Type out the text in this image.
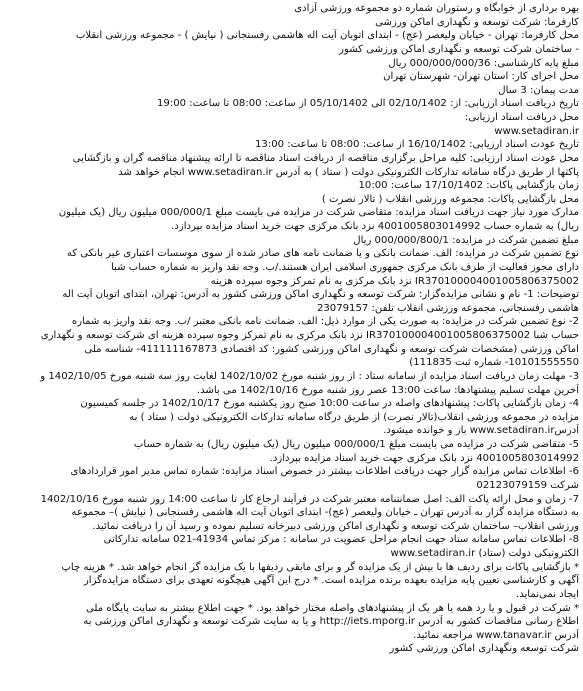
بهره برداری از خوابگاه و رستوران شماره دو مجموعه ورزشی آزادی
کارفرما: شرکت توسعه و نگهداری اماکن ورزشی
محل کارفرما: تهران - خیابان ولیعصر (عج) - ابتدای اتوبان آیت اله هاشمی رفسنجانی ( نیایش ) - مجموعه ورزشی انقلاب
- ساختمان شرکت توسعه و نگهداری اماکن ورزشی کشور
مبلغ پایه کارشناسی: 000/000/000/36 ریال
محل اجرای کار: استان تهران- شهرستان تهران
مدت پیمان: 3 سال
تاریخ دریافت اسناد ارزیابی: از: 02/10/1402 الی 05/10/1402 از ساعت: 08:00 تا ساعت: 19:00
محل دریافت اسناد ارزیابی:
www.setadiran.ir
تاریخ عودت اسناد ارزیابی: 16/10/1402 از ساعت: 08:00 تا ساعت: 13:00
محل عودت اسناد ارزیابی: کلیه مراحل برگزاری مناقصه از دریافت اسناد مناقصه تا ارائه پیشنهاد مناقصه گران و بازگشایی
پاکتها از طریق درگاه سامانه تدارکات الکترونیکی دولت ( ستاد ) به آدرس www.setadiran.ir انجام خواهد شد
زمان بازگشایی پاکات: 17/10/1402 ساعت: 10:00
محل بازگشایی پاکات: مجموعه ورزشی انقلاب ( تالار نصرت )
مدارک مورد نیاز جهت دریافت اسناد مزایده: متقاضی شرکت در مزایده می بایست مبلغ 000/000/1 میلیون ریال (یک میلیون
ریال) به شماره حساب 4001005803014992 نزد بانک مرکزی جهت خرید اسناد مزایده بپردازد.
مبلغ تضمین شرکت در مزایده: 000/000/800/1 ریال
نوع تضمین شرکت در مزایده: الف. ضمانت بانکی و یا ضمانت نامه های صادر شده از سوی موسسات اعتباری غیر بانکی که
دارای مجوز فعالیت از طرف بانک مرکزی جمهوری اسلامی ایران هستند./ب. وجه نقد واریز به شماره حساب شبا
IR370100004001005806375002 نزد بانک مرکزی به نام تمرکز وجوه سپرده هزینه
توضیحات: 1- نام و نشانی مزایده‌گزار: شرکت توسعه و نگهداری اماکن ورزشی کشور به آدرس: تهران، ابتدای اتوبان آیت اله
هاشمی رفسنجانی، مجموعه ورزشی انقلاب تلفن: 23079157
2- نوع تضمین شرکت در مزایده: به صورت یکی از موارد ذیل: الف. ضمانت نامه بانکی معتبر /ب. وجه نقد واریز به شماره
حساب شبا IR370100004001005806375002 نزد بانک مرکزی به نام تمرکز وجوه سپرده هزینه ای شرکت توسعه و نگهداری
اماکن ورزشی (مشخصات شرکت توسعه و نگهداری اماکن ورزشی کشور: کد اقتصادی 411111167873- شناسه ملی
10101555550- شماره ثبت 111835)
3- مهلت زمان دریافت اسناد مزایده از سامانه ستاد : از روز شنبه مورخ 1402/10/02 لغایت روز سه شنبه مورخ 1402/10/05 و
آخرین مهلت تسلیم پیشنهادها: ساعت 13:00 عصر روز شنبه مورخ 1402/10/16 می باشد.
4- زمان بازگشایی پاکات: پیشنهادهای واصله در ساعت 10:00 صبح روز یکشنبه مورخ 1402/10/17 در جلسه کمیسیون
مزایده در مجموعه ورزشی انقلاب(تالار نصرت) از طریق درگاه سامانه تدارکات الکترونیکی دولت ( ستاد ) به
آدرسwww.setadiran.ir باز و خوانده میشود.
5- متقاضی شرکت در مزایده می بایست مبلغ 000/000/1 میلیون ریال (یک میلیون ریال) به شماره حساب
4001005803014992 نزد بانک مرکزی جهت خرید اسناد مزایده بپردازد.
6- اطلاعات تماس مزایده گزار جهت دریافت اطلاعات بیشتر در خصوص اسناد مزایده: شماره تماس مدیر امور قراردادهای
شرکت 02123079159
7- زمان و محل ارائه پاکت الف: اصل ضمانتنامه معتبر شرکت در فرآیند ارجاع کار تا ساعت 14:00 روز شنبه مورخ 1402/10/16
به دستگاه مزایده گزار به آدرس تهران ـ خیابان ولیعصر (عج)- ابتدای اتوبان آیت اله هاشمی رفسنجانی ( نیایش )– مجموعه
ورزشی انقلاب– ساختمان شرکت توسعه و نگهداری اماکن ورزشی دبیرخانه تسلیم نموده و رسید آن را دریافت نمائید.
8- اطلاعات تماس سامانه ستاد جهت انجام مراحل عضویت در سامانه : مرکز تماس 41934-021 سامانه تدارکاتی
الکترونیکی دولت (ستاد) www.setadiran.ir
* بازگشایی پاکات برای ردیف ها با بیش از یک مزایده گر و برای مابقی ردیفها با یک مزایده گر انجام خواهد شد. * هزینه چاپ
آگهی و کارشناسی تعیین پایه مزایده بعهده برنده مزایده است. * درج این آگهی هیچگونه تعهدی برای دستگاه مزایده‌گزار
ایجاد نمی‌نماید.
* شرکت در قبول و یا رد همه یا هر یک از پیشنهادهای واصله مختار خواهد بود. * جهت اطلاع بیشتر به سایت پایگاه ملی
اطلاع رسانی مناقصات کشور به آدرس http://iets.mporg.ir و یا به سایت شرکت توسعه و نگهداری اماکن ورزشی به
آدرس www.tanavar.ir مراجعه نمائید.
شرکت توسعه ونگهداری اماکن ورزشی کشور
